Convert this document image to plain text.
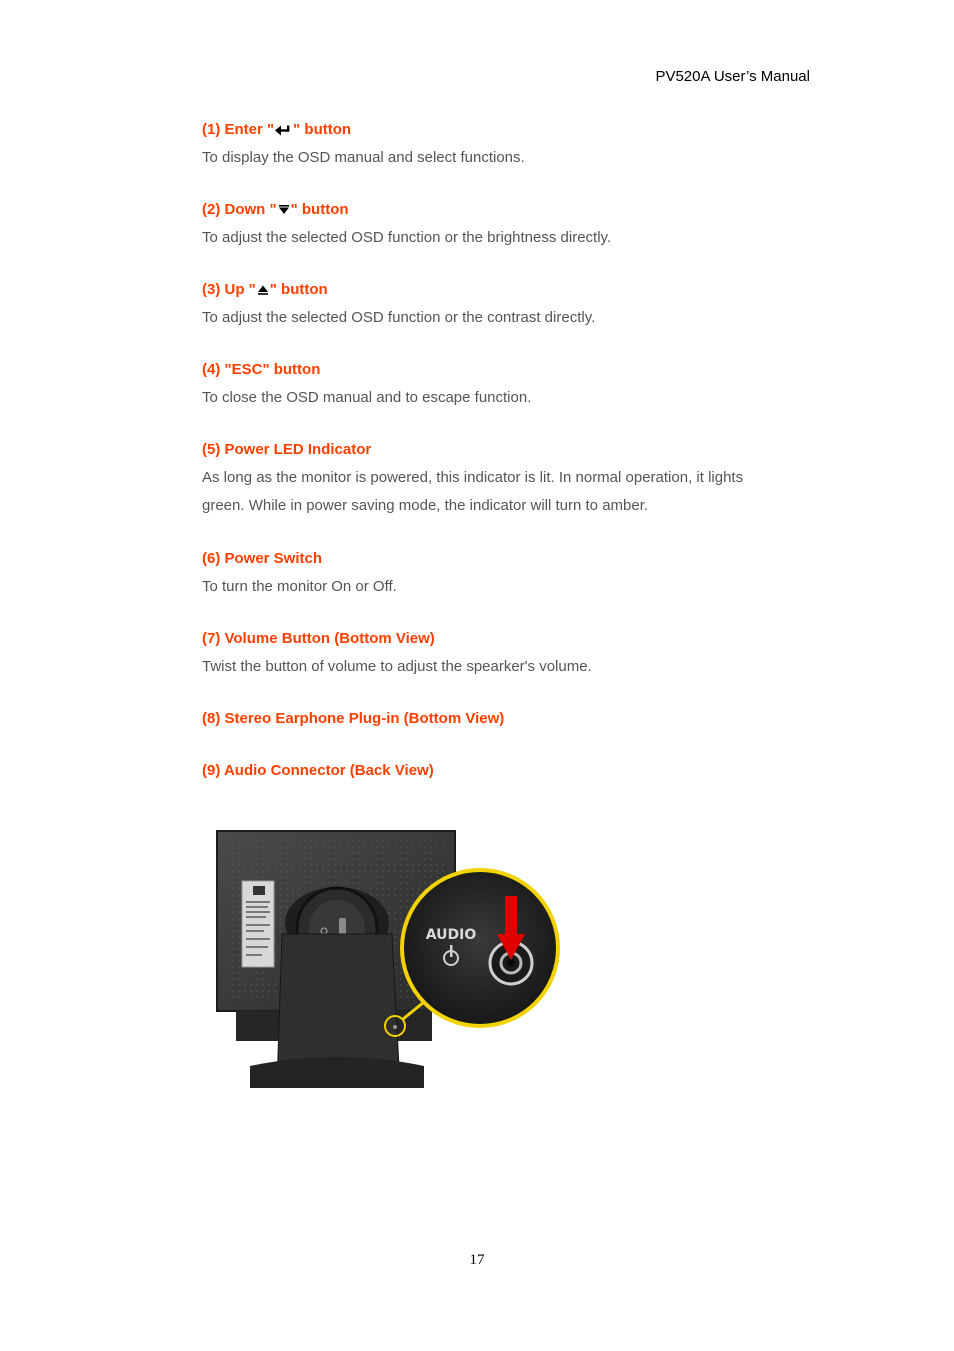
PV520A User’s Manual
(1) Enter " " button
To display the OSD manual and select functions.
(2) Down " " button
To adjust the selected OSD function or the brightness directly.
(3) Up " " button
To adjust the selected OSD function or the contrast directly.
(4) "ESC" button
To close the OSD manual and to escape function.
(5) Power LED Indicator
As long as the monitor is powered, this indicator is lit. In normal operation, it lights green. While in power saving mode, the indicator will turn to amber.
(6) Power Switch
To turn the monitor On or Off.
(7) Volume Button (Bottom View)
Twist the button of volume to adjust the spearker's volume.
(8) Stereo Earphone Plug-in (Bottom View)
(9) Audio Connector (Back View)
AUDIO
17
